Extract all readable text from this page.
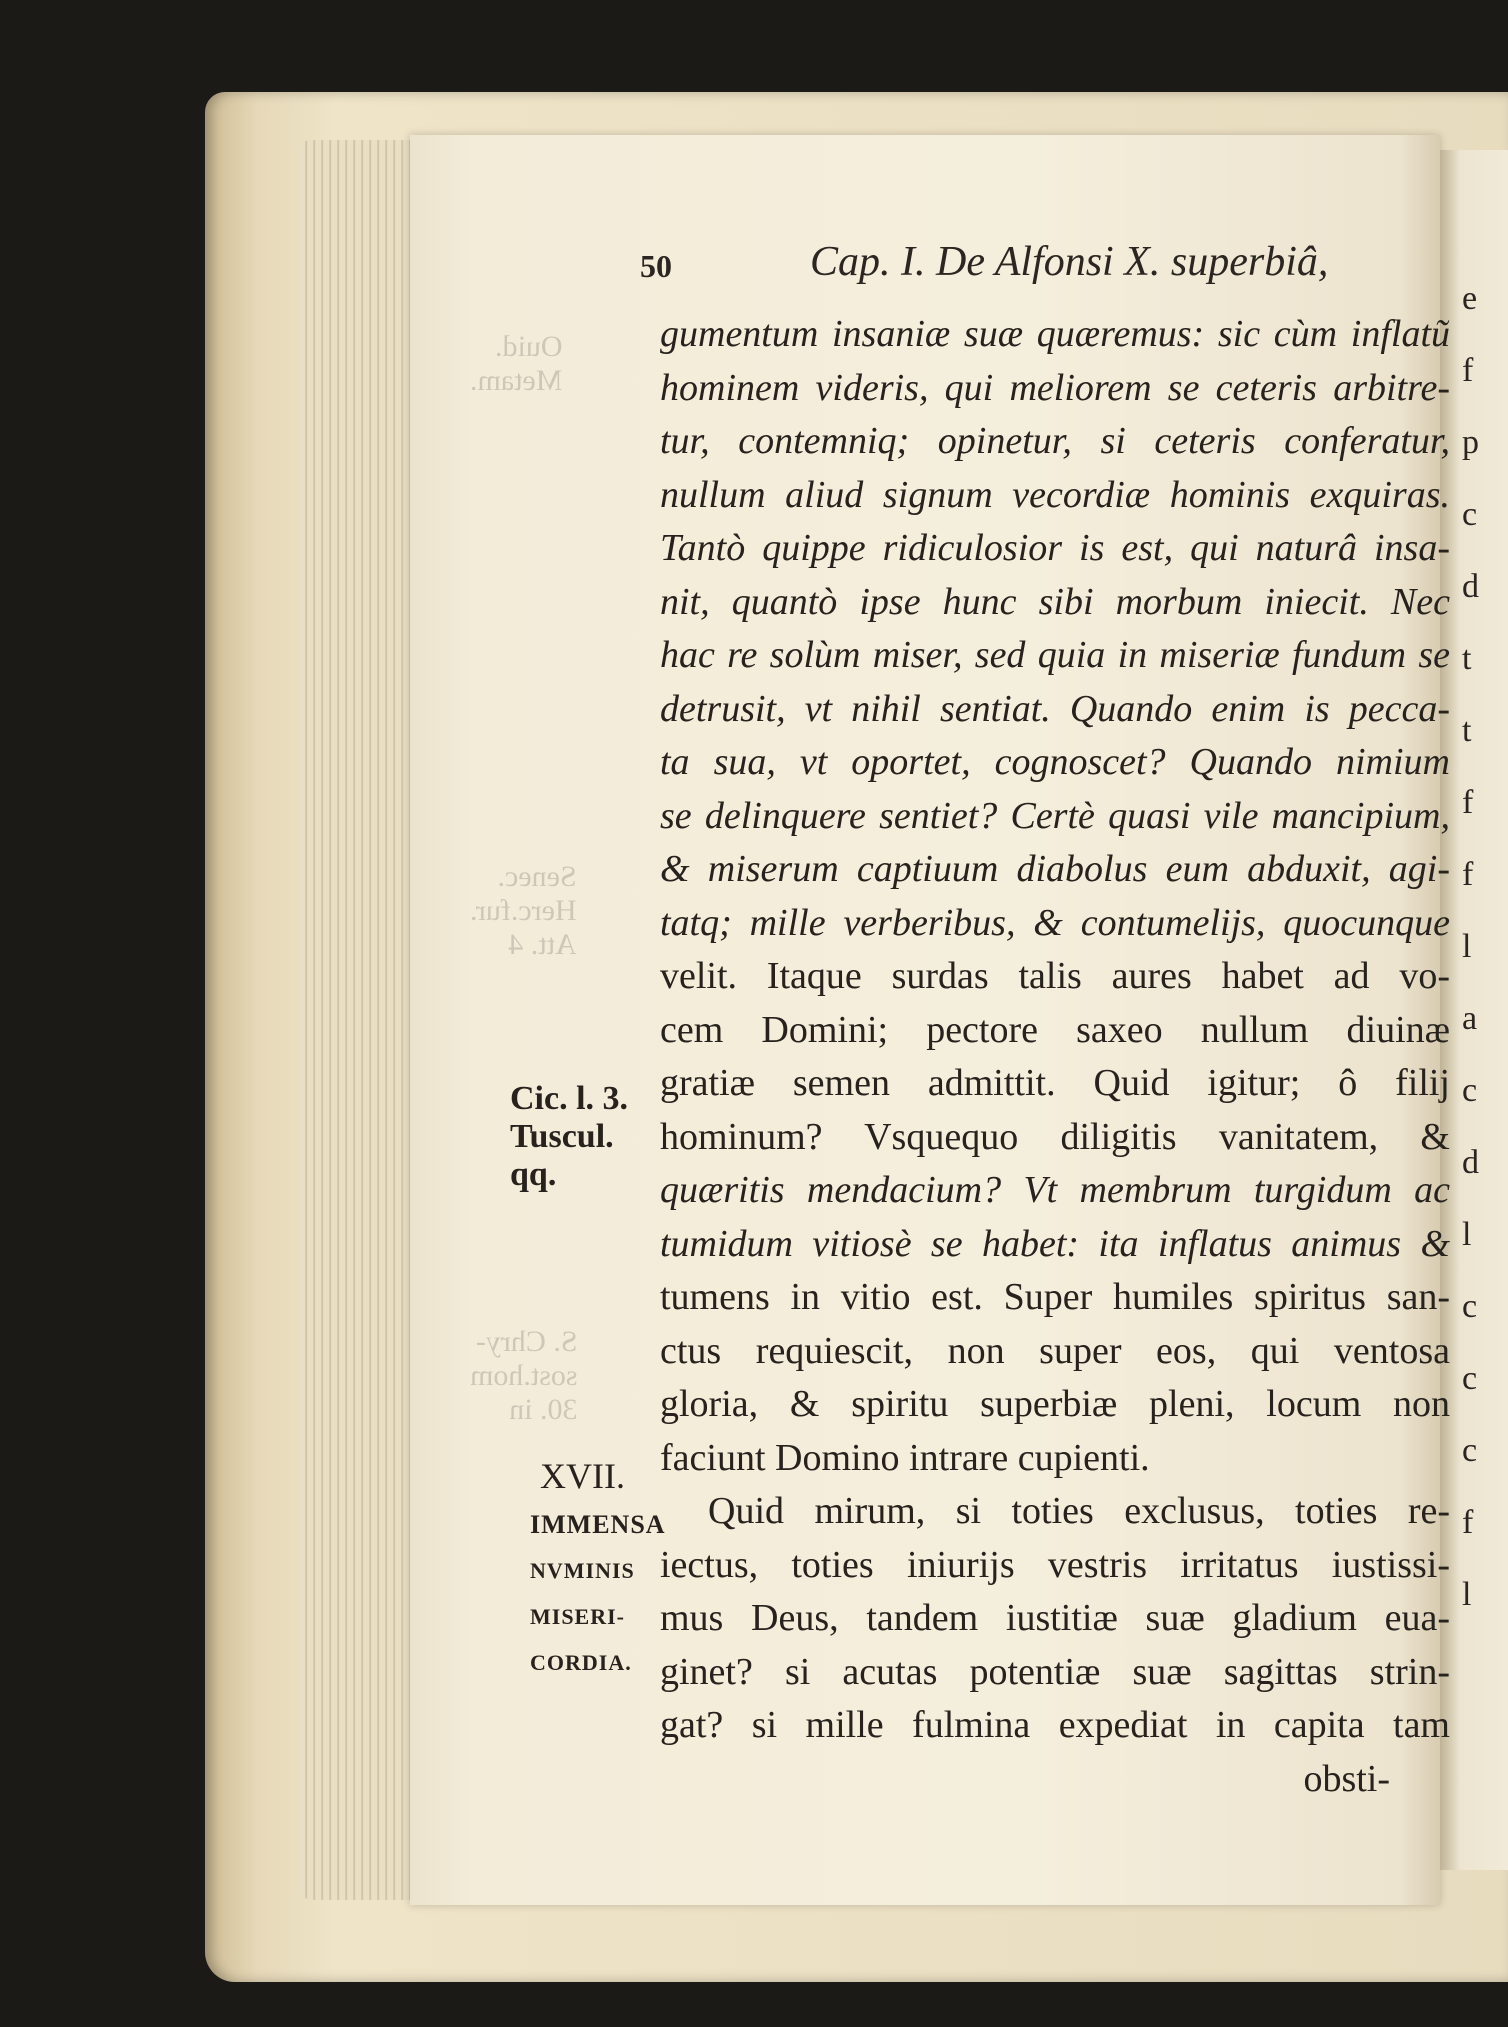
e
f
p
c
d
t
t
f
f
l
a
c
d
l
c
c
c
f
l
Ouid.
Metam.
Senec.
Herc.fur.
Att. 4
S. Chry-
sost.hom
30. in
50	Cap. I. De Alfonsi X. superbiâ,
gumentum insaniæ suæ quæremus: sic cùm inflatũ
hominem videris, qui meliorem se ceteris arbitre-
tur, contemniq; opinetur, si ceteris conferatur,
nullum aliud signum vecordiæ hominis exquiras.
Tantò quippe ridiculosior is est, qui naturâ insa-
nit, quantò ipse hunc sibi morbum iniecit. Nec
hac re solùm miser, sed quia in miseriæ fundum se
detrusit, vt nihil sentiat. Quando enim is pecca-
ta sua, vt oportet, cognoscet? Quando nimium
se delinquere sentiet? Certè quasi vile mancipium,
& miserum captiuum diabolus eum abduxit, agi-
tatq; mille verberibus, & contumelijs, quocunque
velit. Itaque surdas talis aures habet ad vo-
cem Domini; pectore saxeo nullum diuinæ
gratiæ semen admittit. Quid igitur; ô filij
hominum? Vsquequo diligitis vanitatem, &
quæritis mendacium? Vt membrum turgidum ac
tumidum vitiosè se habet: ita inflatus animus &
tumens in vitio est. Super humiles spiritus san-
ctus requiescit, non super eos, qui ventosa
gloria, & spiritu superbiæ pleni, locum non
faciunt Domino intrare cupienti.
Quid mirum, si toties exclusus, toties re-
iectus, toties iniurijs vestris irritatus iustissi-
mus Deus, tandem iustitiæ suæ gladium eua-
ginet? si acutas potentiæ suæ sagittas strin-
gat? si mille fulmina expediat in capita tam
obsti-
Cic. l. 3.
Tuscul.
qq.
XVII.
IMMENSA
NVMINIS
MISERI-
CORDIA.
